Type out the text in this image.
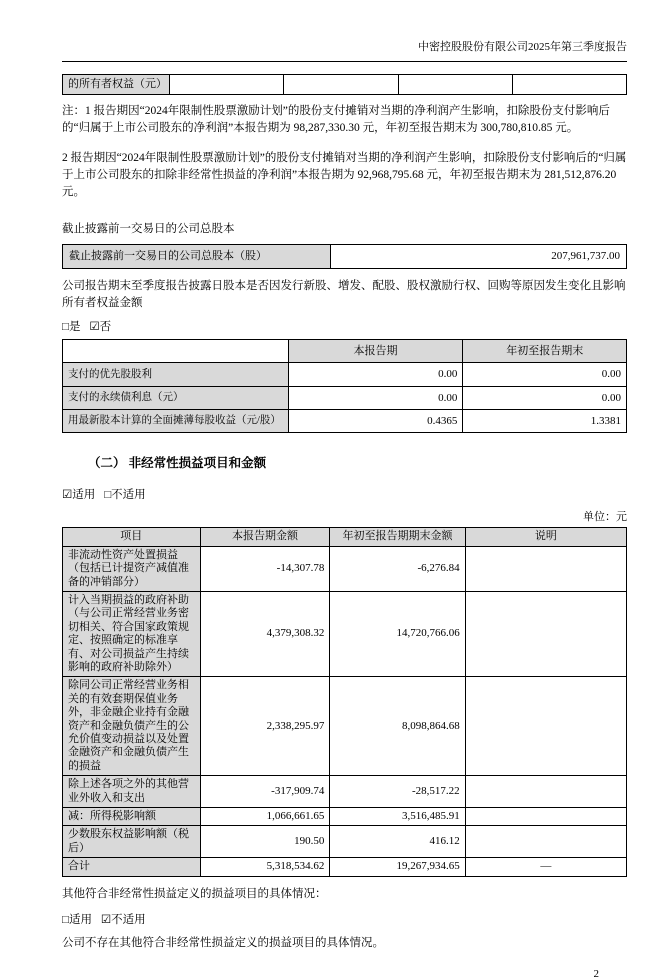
中密控股股份有限公司2025年第三季度报告
的所有者权益（元）				

注：1 报告期因“2024年限制性股票激励计划”的股份支付摊销对当期的净利润产生影响，扣除股份支付影响后的“归属于上市公司股东的净利润”本报告期为 98,287,330.30 元，年初至报告期末为 300,780,810.85 元。

2 报告期因“2024年限制性股票激励计划”的股份支付摊销对当期的净利润产生影响，扣除股份支付影响后的“归属于上市公司股东的扣除非经常性损益的净利润”本报告期为 92,968,795.68 元，年初至报告期末为 281,512,876.20 元。

截止披露前一交易日的公司总股本

截止披露前一交易日的公司总股本（股）	207,961,737.00

公司报告期末至季度报告披露日股本是否因发行新股、增发、配股、股权激励行权、回购等原因发生变化且影响所有者权益金额

□是 ☑否

	本报告期	年初至报告期末
支付的优先股股利	0.00	0.00
支付的永续债利息（元）	0.00	0.00
用最新股本计算的全面摊薄每股收益（元/股）	0.4365	1.3381
（二） 非经常性损益项目和金额

☑适用 □不适用

单位：元

项目	本报告期金额	年初至报告期期末金额	说明
非流动性资产处置损益（包括已计提资产减值准备的冲销部分）	-14,307.78	-6,276.84	
计入当期损益的政府补助（与公司正常经营业务密切相关、符合国家政策规定、按照确定的标准享有、对公司损益产生持续影响的政府补助除外）	4,379,308.32	14,720,766.06	
除同公司正常经营业务相关的有效套期保值业务外，非金融企业持有金融资产和金融负债产生的公允价值变动损益以及处置金融资产和金融负债产生的损益	2,338,295.97	8,098,864.68	
除上述各项之外的其他营业外收入和支出	-317,909.74	-28,517.22	
减：所得税影响额	1,066,661.65	3,516,485.91	
少数股东权益影响额（税后）	190.50	416.12	
合计	5,318,534.62	19,267,934.65	—

其他符合非经常性损益定义的损益项目的具体情况：

□适用 ☑不适用

公司不存在其他符合非经常性损益定义的损益项目的具体情况。

2
